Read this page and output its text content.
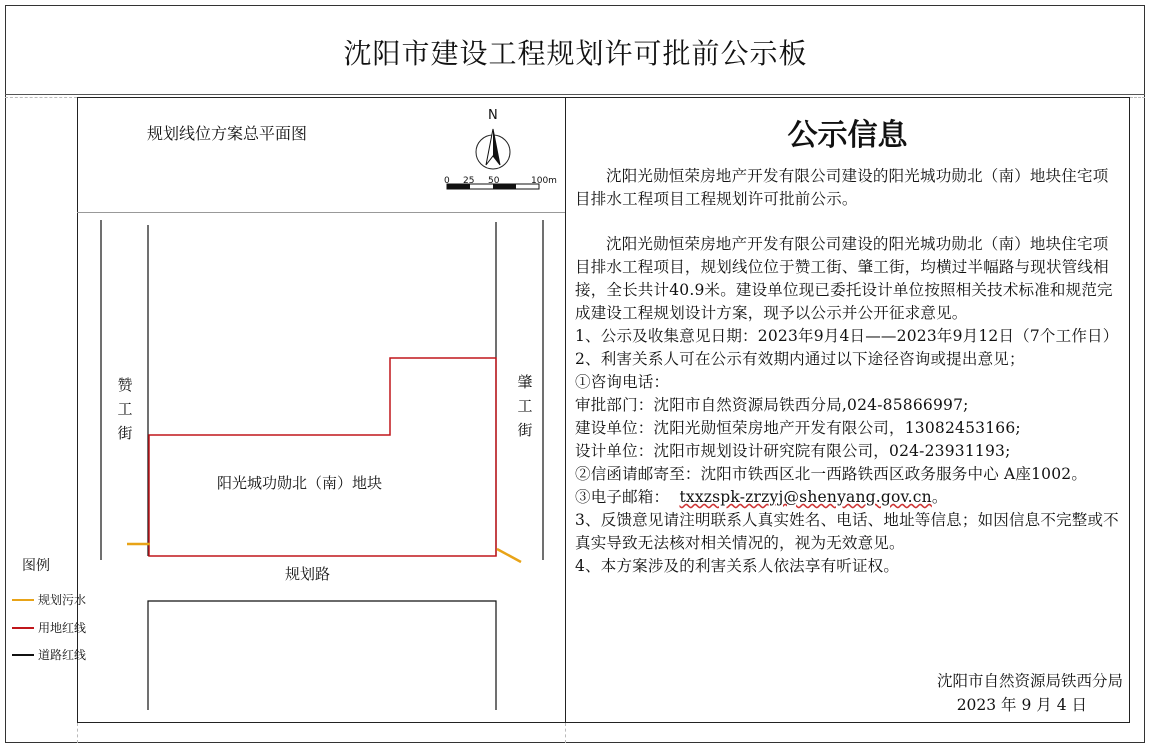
沈阳市建设工程规划许可批前公示板
规划线位方案总平面图
N
0 25 50	100m
赞
工
街
肇
工
街
规划路
阳光城功勋北（南）地块
图例
规划污水
用地红线
道路红线
公示信息

沈阳光勋恒荣房地产开发有限公司建设的阳光城功勋北（南）地块住宅项目排水工程项目工程规划许可批前公示。

沈阳光勋恒荣房地产开发有限公司建设的阳光城功勋北（南）地块住宅项目排水工程项目，规划线位位于赞工街、肇工街，均横过半幅路与现状管线相接，全长共计40.9米。建设单位现已委托设计单位按照相关技术标准和规范完成建设工程规划设计方案，现予以公示并公开征求意见。

1、公示及收集意见日期：2023年9月4日——2023年9月12日（7个工作日）

2、利害关系人可在公示有效期内通过以下途径咨询或提出意见；

①咨询电话：

审批部门：沈阳市自然资源局铁西分局,024-85866997;

建设单位：沈阳光勋恒荣房地产开发有限公司，13082453166;

设计单位：沈阳市规划设计研究院有限公司，024-23931193;

②信函请邮寄至：沈阳市铁西区北一西路铁西区政务服务中心 A座1002。

③电子邮箱： txxzspk-zrzyj@shenyang.gov.cn。

3、反馈意见请注明联系人真实姓名、电话、地址等信息；如因信息不完整或不真实导致无法核对相关情况的，视为无效意见。

4、本方案涉及的利害关系人依法享有听证权。

沈阳市自然资源局铁西分局
2023 年 9 月 4 日
